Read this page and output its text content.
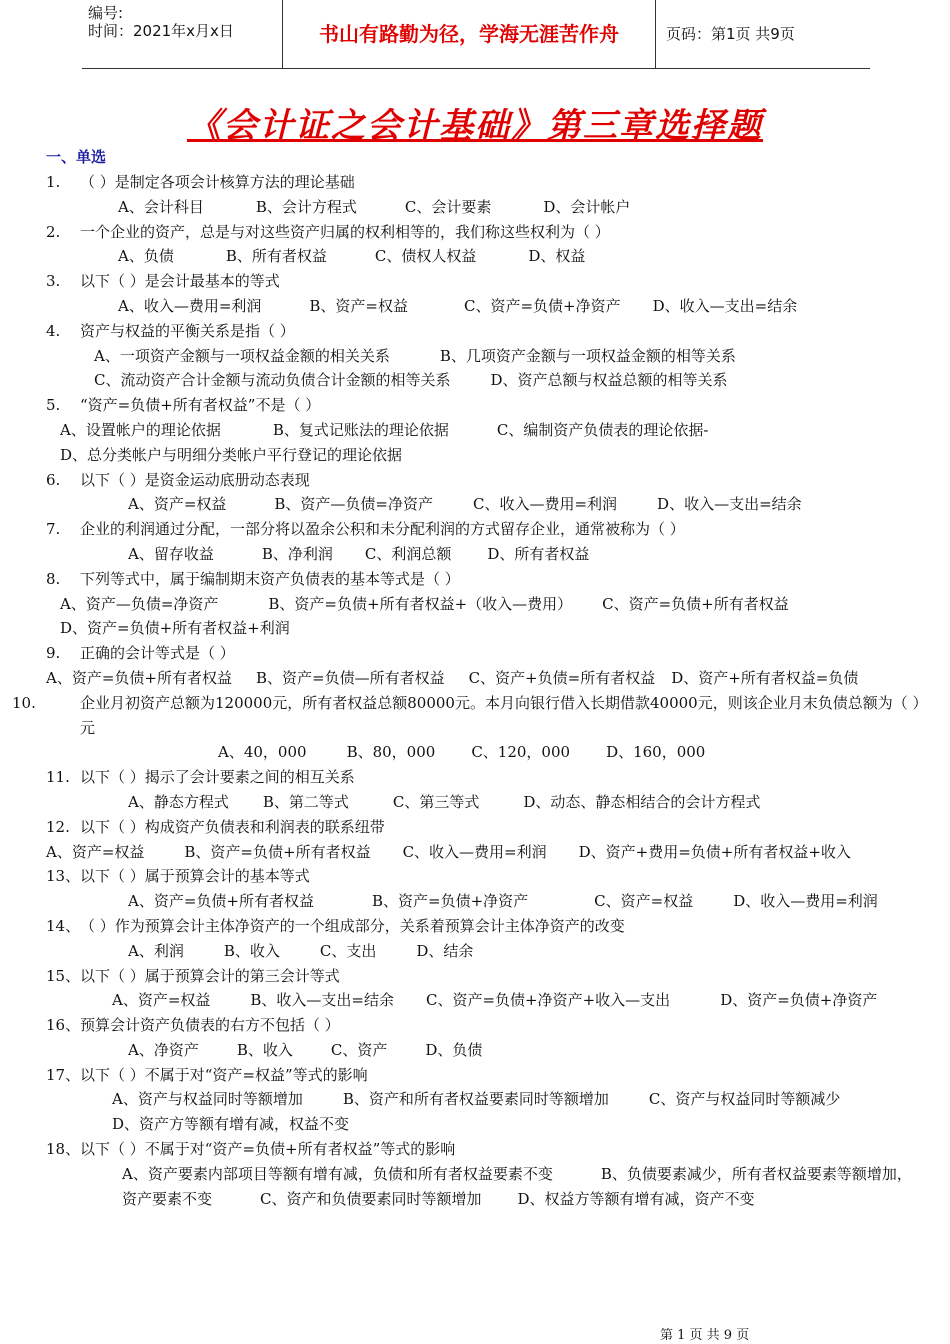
编号:
时间：2021年x月x日	书山有路勤为径，学海无涯苦作舟	页码：第1页 共9页
《会计证之会计基础》第三章选择题
一、单选
1. （ ）是制定各项会计核算方法的理论基础
A、会计科目	B、会计方程式	C、会计要素	D、会计帐户
2. 一个企业的资产，总是与对这些资产归属的权利相等的，我们称这些权利为（ ）
A、负债	B、所有者权益	C、债权人权益	D、权益
3. 以下（ ）是会计最基本的等式
A、收入—费用=利润	B、资产=权益	C、资产=负债+净资产 D、收入—支出=结余
4. 资产与权益的平衡关系是指（ ）
A、一项资产金额与一项权益金额的相关关系	B、几项资产金额与一项权益金额的相等关系
C、流动资产合计金额与流动负债合计金额的相等关系	D、资产总额与权益总额的相等关系
5. “资产=负债+所有者权益”不是（ ）
A、设置帐户的理论依据	B、复式记账法的理论依据	C、编制资产负债表的理论依据-
D、总分类帐户与明细分类帐户平行登记的理论依据
6. 以下（ ）是资金运动底册动态表现
A、资产=权益	B、资产—负债=净资产	C、收入—费用=利润	D、收入—支出=结余
7. 企业的利润通过分配，一部分将以盈余公积和未分配利润的方式留存企业，通常被称为（ ）
A、留存收益	B、净利润 C、利润总额 D、所有者权益
8. 下列等式中，属于编制期末资产负债表的基本等式是（ ）
A、资产—负债=净资产	B、资产=负债+所有者权益+（收入—费用） C、资产=负债+所有者权益
D、资产=负债+所有者权益+利润
9. 正确的会计等式是（ ）
A、资产=负债+所有者权益 B、资产=负债—所有者权益 C、资产+负债=所有者权益 D、资产+所有者权益=负债
10.	企业月初资产总额为120000元，所有者权益总额80000元。本月向银行借入长期借款40000元，则该企业月末负债总额为（ ）元
A、40，000	B、80，000 C、120，000 D、160，000
11. 以下（ ）揭示了会计要素之间的相互关系
A、静态方程式 B、第二等式	C、第三等式	D、动态、静态相结合的会计方程式
12. 以下（ ）构成资产负债表和利润表的联系纽带
A、资产=权益	B、资产=负债+所有者权益 C、收入—费用=利润 D、资产+费用=负债+所有者权益+收入
13、以下（ ）属于预算会计的基本等式
A、资产=负债+所有者权益	B、资产=负债+净资产	C、资产=权益	D、收入—费用=利润
14、（ ）作为预算会计主体净资产的一个组成部分，关系着预算会计主体净资产的改变
A、利润	B、收入	C、支出	D、结余
15、以下（ ）属于预算会计的第三会计等式
A、资产=权益	B、收入—支出=结余 C、资产=负债+净资产+收入—支出	D、资产=负债+净资产
16、预算会计资产负债表的右方不包括（ ）
A、净资产	B、收入	C、资产	D、负债
17、以下（ ）不属于对“资产=权益”等式的影响
A、资产与权益同时等额增加	B、资产和所有者权益要素同时等额增加	C、资产与权益同时等额减少
D、资产方等额有增有减，权益不变
18、以下（ ）不属于对“资产=负债+所有者权益”等式的影响
A、资产要素内部项目等额有增有减，负债和所有者权益要素不变	B、负债要素减少，所有者权益要素等额增加，资产要素不变	C、资产和负债要素同时等额增加 D、权益方等额有增有减，资产不变
第 1 页 共 9 页
